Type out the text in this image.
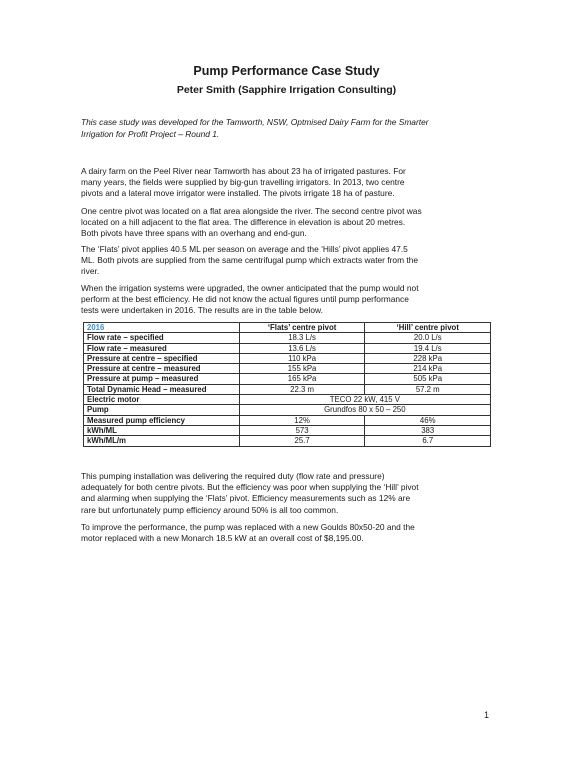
Pump Performance Case Study
Peter Smith (Sapphire Irrigation Consulting)
This case study was developed for the Tamworth, NSW, Optmised Dairy Farm for the Smarter
Irrigation for Profit Project – Round 1.
A dairy farm on the Peel River near Tamworth has about 23 ha of irrigated pastures. For
many years, the fields were supplied by big-gun travelling irrigators. In 2013, two centre
pivots and a lateral move irrigator were installed. The pivots irrigate 18 ha of pasture.
One centre pivot was located on a flat area alongside the river. The second centre pivot was
located on a hill adjacent to the flat area. The difference in elevation is about 20 metres.
Both pivots have three spans with an overhang and end-gun.
The ‘Flats’ pivot applies 40.5 ML per season on average and the ‘Hills’ pivot applies 47.5
ML. Both pivots are supplied from the same centrifugal pump which extracts water from the
river.
When the irrigation systems were upgraded, the owner anticipated that the pump would not
perform at the best efficiency. He did not know the actual figures until pump performance
tests were undertaken in 2016. The results are in the table below.
2016	‘Flats’ centre pivot	‘Hill’ centre pivot
Flow rate – specified	18.3 L/s	20.0 L/s
Flow rate – measured	13.6 L/s	19.4 L/s
Pressure at centre – specified	110 kPa	228 kPa
Pressure at centre – measured	155 kPa	214 kPa
Pressure at pump – measured	165 kPa	505 kPa
Total Dynamic Head – measured	22.3 m	57.2 m
Electric motor	TECO 22 kW, 415 V	
Pump	Grundfos 80 x 50 – 250	
Measured pump efficiency	12%	46%
kWh/ML	573	383
kWh/ML/m	25.7	6.7
This pumping installation was delivering the required duty (flow rate and pressure)
adequately for both centre pivots. But the efficiency was poor when supplying the ‘Hill’ pivot
and alarming when supplying the ‘Flats’ pivot. Efficiency measurements such as 12% are
rare but unfortunately pump efficiency around 50% is all too common.
To improve the performance, the pump was replaced with a new Goulds 80x50-20 and the
motor replaced with a new Monarch 18.5 kW at an overall cost of $8,195.00.
1
